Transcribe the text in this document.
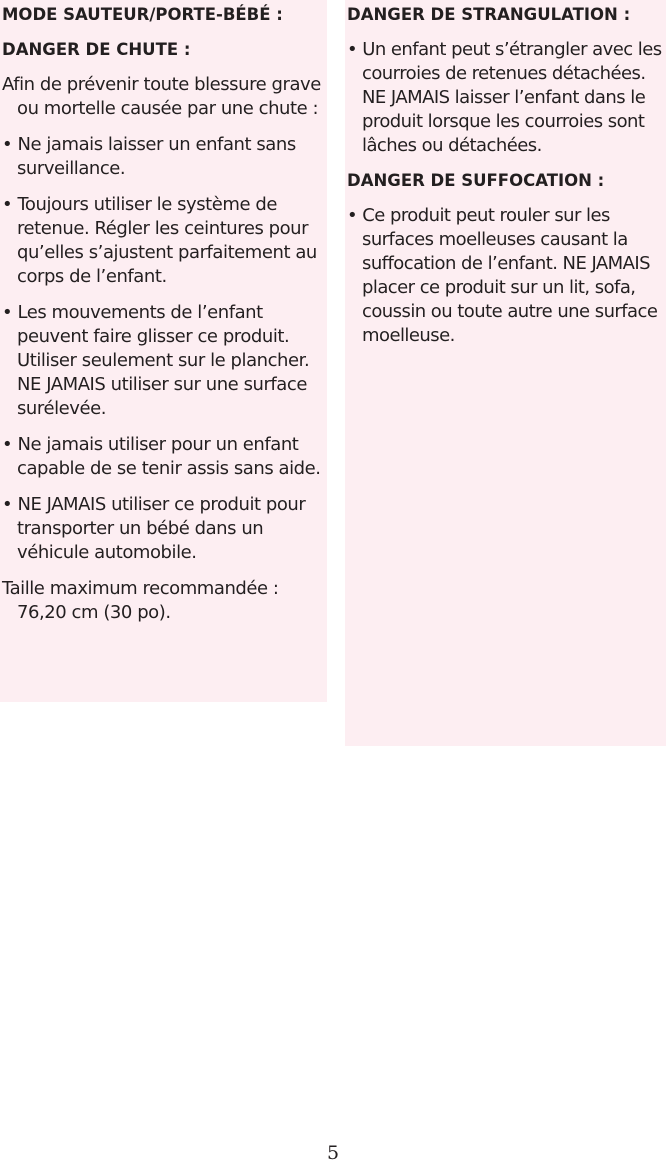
MODE SAUTEUR/PORTE-BÉBÉ :
DANGER DE CHUTE :
Afin de prévenir toute blessure grave ou mortelle causée par une chute :
• Ne jamais laisser un enfant sans surveillance.
• Toujours utiliser le système de retenue. Régler les ceintures pour qu’elles s’ajustent parfaitement au corps de l’enfant.
• Les mouvements de l’enfant peuvent faire glisser ce produit. Utiliser seulement sur le plancher. NE JAMAIS utiliser sur une surface surélevée.
• Ne jamais utiliser pour un enfant capable de se tenir assis sans aide.
• NE JAMAIS utiliser ce produit pour transporter un bébé dans un véhicule automobile.
Taille maximum recommandée : 76,20 cm (30 po).
DANGER DE STRANGULATION :
• Un enfant peut s’étrangler avec les courroies de retenues détachées. NE JAMAIS laisser l’enfant dans le produit lorsque les courroies sont lâches ou détachées.
DANGER DE SUFFOCATION :
• Ce produit peut rouler sur les surfaces moelleuses causant la suffocation de l’enfant. NE JAMAIS placer ce produit sur un lit, sofa, coussin ou toute autre une surface moelleuse.
5
